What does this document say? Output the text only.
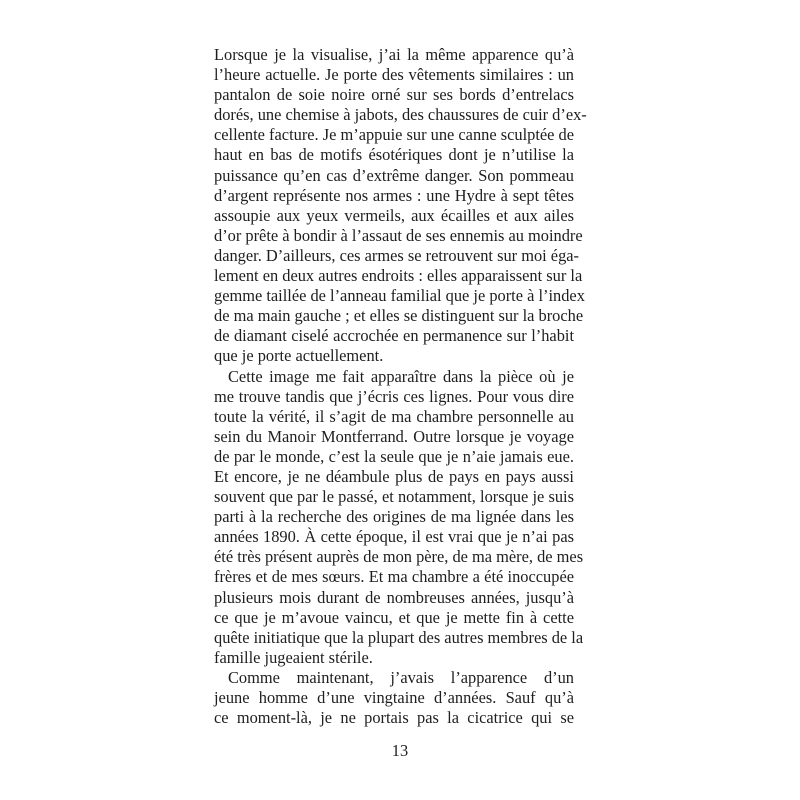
Lorsque je la visualise, j’ai la même apparence qu’à
l’heure actuelle. Je porte des vêtements similaires : un
pantalon de soie noire orné sur ses bords d’entrelacs
dorés, une chemise à jabots, des chaussures de cuir d’ex-
cellente facture. Je m’appuie sur une canne sculptée de
haut en bas de motifs ésotériques dont je n’utilise la
puissance qu’en cas d’extrême danger. Son pommeau
d’argent représente nos armes : une Hydre à sept têtes
assoupie aux yeux vermeils, aux écailles et aux ailes
d’or prête à bondir à l’assaut de ses ennemis au moindre
danger. D’ailleurs, ces armes se retrouvent sur moi éga-
lement en deux autres endroits : elles apparaissent sur la
gemme taillée de l’anneau familial que je porte à l’index
de ma main gauche ; et elles se distinguent sur la broche
de diamant ciselé accrochée en permanence sur l’habit
que je porte actuellement.
Cette image me fait apparaître dans la pièce où je
me trouve tandis que j’écris ces lignes. Pour vous dire
toute la vérité, il s’agit de ma chambre personnelle au
sein du Manoir Montferrand. Outre lorsque je voyage
de par le monde, c’est la seule que je n’aie jamais eue.
Et encore, je ne déambule plus de pays en pays aussi
souvent que par le passé, et notamment, lorsque je suis
parti à la recherche des origines de ma lignée dans les
années 1890. À cette époque, il est vrai que je n’ai pas
été très présent auprès de mon père, de ma mère, de mes
frères et de mes sœurs. Et ma chambre a été inoccupée
plusieurs mois durant de nombreuses années, jusqu’à
ce que je m’avoue vaincu, et que je mette fin à cette
quête initiatique que la plupart des autres membres de la
famille jugeaient stérile.
Comme maintenant, j’avais l’apparence d’un
jeune homme d’une vingtaine d’années. Sauf qu’à
ce moment-là, je ne portais pas la cicatrice qui se
13
